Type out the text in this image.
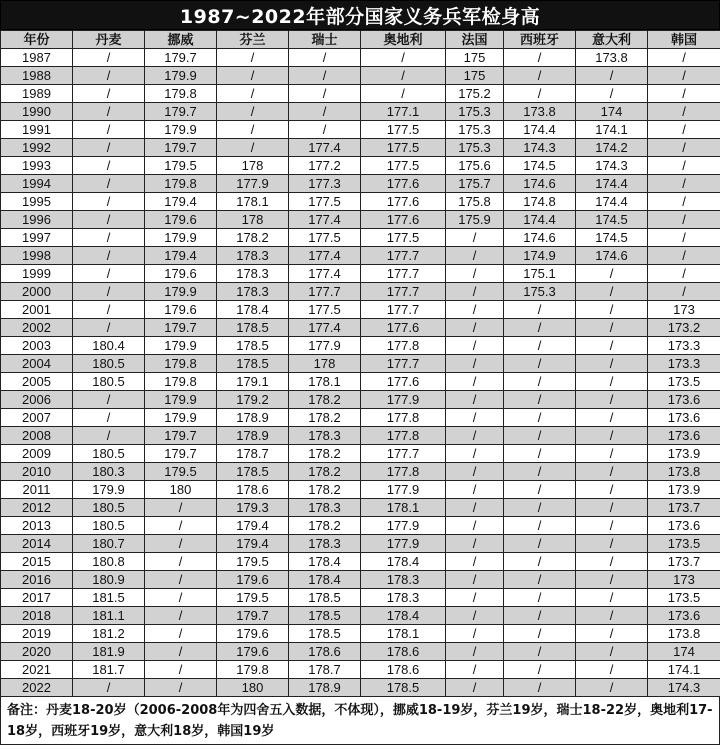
1987~2022年部分国家义务兵军检身高
年份	丹麦	挪威	芬兰	瑞士	奥地利	法国	西班牙	意大利	韩国
1987	/	179.7	/	/	/	175	/	173.8	/
1988	/	179.9	/	/	/	175	/	/	/
1989	/	179.8	/	/	/	175.2	/	/	/
1990	/	179.7	/	/	177.1	175.3	173.8	174	/
1991	/	179.9	/	/	177.5	175.3	174.4	174.1	/
1992	/	179.7	/	177.4	177.5	175.3	174.3	174.2	/
1993	/	179.5	178	177.2	177.5	175.6	174.5	174.3	/
1994	/	179.8	177.9	177.3	177.6	175.7	174.6	174.4	/
1995	/	179.4	178.1	177.5	177.6	175.8	174.8	174.4	/
1996	/	179.6	178	177.4	177.6	175.9	174.4	174.5	/
1997	/	179.9	178.2	177.5	177.5	/	174.6	174.5	/
1998	/	179.4	178.3	177.4	177.7	/	174.9	174.6	/
1999	/	179.6	178.3	177.4	177.7	/	175.1	/	/
2000	/	179.9	178.3	177.7	177.7	/	175.3	/	/
2001	/	179.6	178.4	177.5	177.7	/	/	/	173
2002	/	179.7	178.5	177.4	177.6	/	/	/	173.2
2003	180.4	179.9	178.5	177.9	177.8	/	/	/	173.3
2004	180.5	179.8	178.5	178	177.7	/	/	/	173.3
2005	180.5	179.8	179.1	178.1	177.6	/	/	/	173.5
2006	/	179.9	179.2	178.2	177.9	/	/	/	173.6
2007	/	179.9	178.9	178.2	177.8	/	/	/	173.6
2008	/	179.7	178.9	178.3	177.8	/	/	/	173.6
2009	180.5	179.7	178.7	178.2	177.7	/	/	/	173.9
2010	180.3	179.5	178.5	178.2	177.8	/	/	/	173.8
2011	179.9	180	178.6	178.2	177.9	/	/	/	173.9
2012	180.5	/	179.3	178.3	178.1	/	/	/	173.7
2013	180.5	/	179.4	178.2	177.9	/	/	/	173.6
2014	180.7	/	179.4	178.3	177.9	/	/	/	173.5
2015	180.8	/	179.5	178.4	178.4	/	/	/	173.7
2016	180.9	/	179.6	178.4	178.3	/	/	/	173
2017	181.5	/	179.5	178.5	178.3	/	/	/	173.5
2018	181.1	/	179.7	178.5	178.4	/	/	/	173.6
2019	181.2	/	179.6	178.5	178.1	/	/	/	173.8
2020	181.9	/	179.6	178.6	178.6	/	/	/	174
2021	181.7	/	179.8	178.7	178.6	/	/	/	174.1
2022	/	/	180	178.9	178.5	/	/	/	174.3
备注：丹麦18-20岁（2006-2008年为四舍五入数据，不体现），挪威18-19岁，芬兰19岁，瑞士18-22岁，奥地利17-18岁，西班牙19岁，意大利18岁，韩国19岁
